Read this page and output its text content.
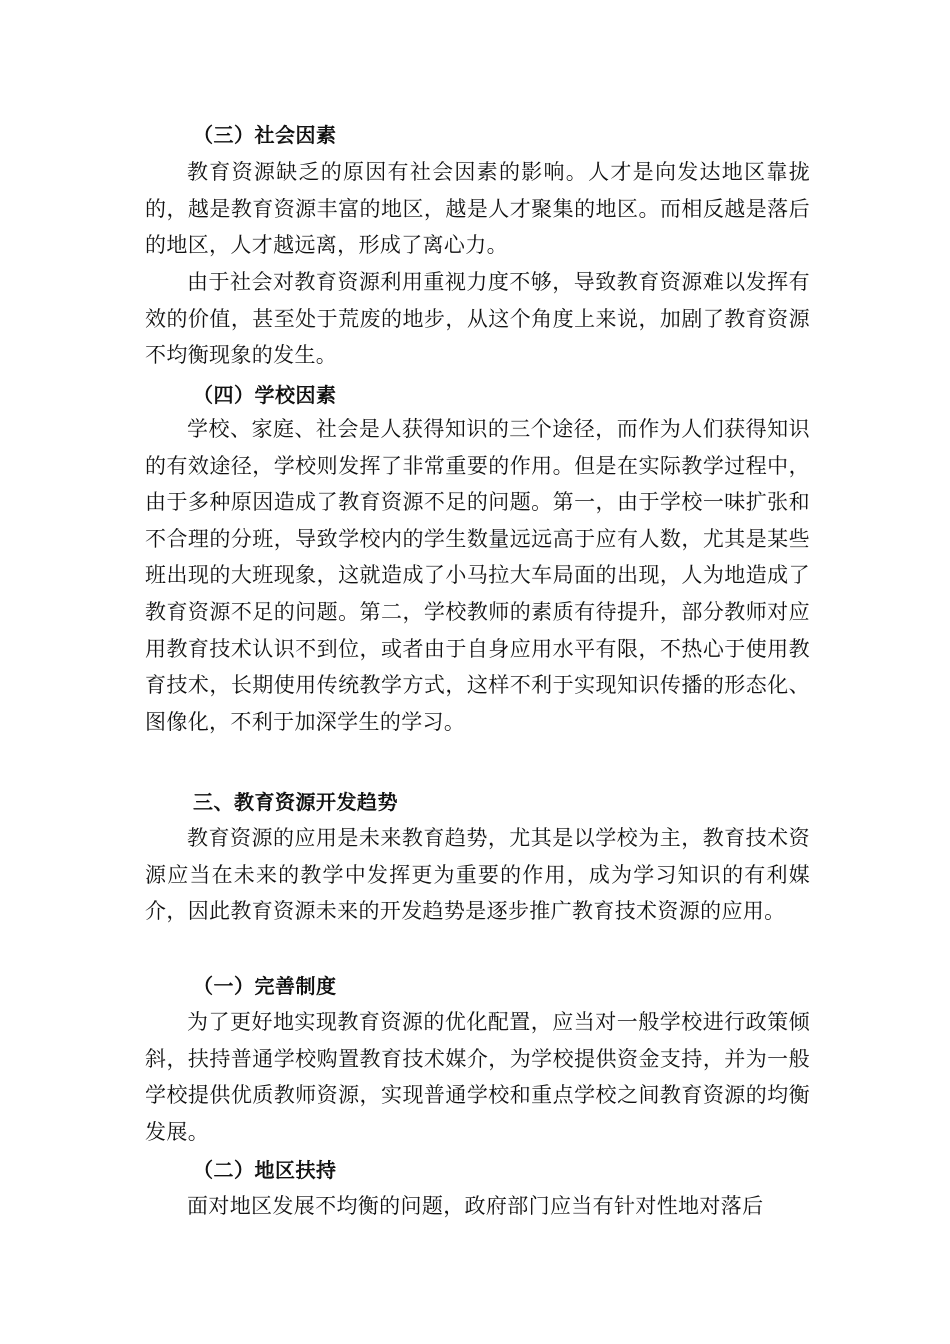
（三）社会因素
教育资源缺乏的原因有社会因素的影响。人才是向发达地区靠拢的，越是教育资源丰富的地区，越是人才聚集的地区。而相反越是落后的地区，人才越远离，形成了离心力。
由于社会对教育资源利用重视力度不够，导致教育资源难以发挥有效的价值，甚至处于荒废的地步，从这个角度上来说，加剧了教育资源不均衡现象的发生。
（四）学校因素
学校、家庭、社会是人获得知识的三个途径，而作为人们获得知识的有效途径，学校则发挥了非常重要的作用。但是在实际教学过程中，由于多种原因造成了教育资源不足的问题。第一，由于学校一味扩张和不合理的分班，导致学校内的学生数量远远高于应有人数，尤其是某些班出现的大班现象，这就造成了小马拉大车局面的出现，人为地造成了教育资源不足的问题。第二，学校教师的素质有待提升，部分教师对应用教育技术认识不到位，或者由于自身应用水平有限，不热心于使用教育技术，长期使用传统教学方式，这样不利于实现知识传播的形态化、图像化，不利于加深学生的学习。
三、教育资源开发趋势
教育资源的应用是未来教育趋势，尤其是以学校为主，教育技术资源应当在未来的教学中发挥更为重要的作用，成为学习知识的有利媒介，因此教育资源未来的开发趋势是逐步推广教育技术资源的应用。
（一）完善制度
为了更好地实现教育资源的优化配置，应当对一般学校进行政策倾斜，扶持普通学校购置教育技术媒介，为学校提供资金支持，并为一般学校提供优质教师资源，实现普通学校和重点学校之间教育资源的均衡发展。
（二）地区扶持
面对地区发展不均衡的问题，政府部门应当有针对性地对落后
